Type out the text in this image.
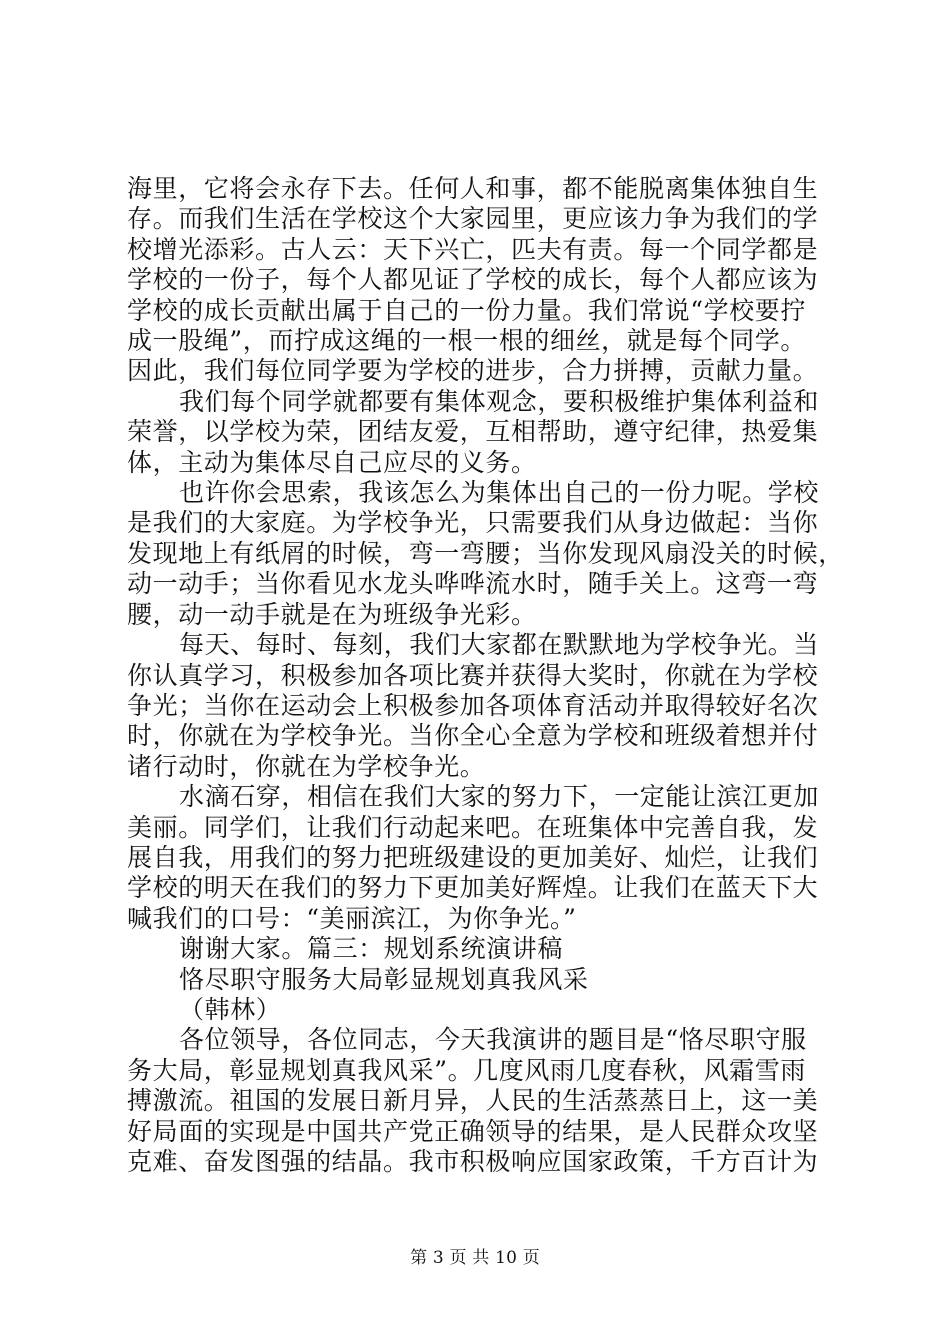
海里，它将会永存下去。任何人和事，都不能脱离集体独自生
存。而我们生活在学校这个大家园里，更应该力争为我们的学
校增光添彩。古人云：天下兴亡，匹夫有责。每一个同学都是
学校的一份子，每个人都见证了学校的成长，每个人都应该为
学校的成长贡献出属于自己的一份力量。我们常说“学校要拧
成一股绳”，而拧成这绳的一根一根的细丝，就是每个同学。
因此，我们每位同学要为学校的进步，合力拼搏，贡献力量。
我们每个同学就都要有集体观念，要积极维护集体利益和
荣誉，以学校为荣，团结友爱，互相帮助，遵守纪律，热爱集
体，主动为集体尽自己应尽的义务。
也许你会思索，我该怎么为集体出自己的一份力呢。学校
是我们的大家庭。为学校争光，只需要我们从身边做起：当你
发现地上有纸屑的时候，弯一弯腰；当你发现风扇没关的时候，
动一动手；当你看见水龙头哗哗流水时，随手关上。这弯一弯
腰，动一动手就是在为班级争光彩。
每天、每时、每刻，我们大家都在默默地为学校争光。当
你认真学习，积极参加各项比赛并获得大奖时，你就在为学校
争光；当你在运动会上积极参加各项体育活动并取得较好名次
时，你就在为学校争光。当你全心全意为学校和班级着想并付
诸行动时，你就在为学校争光。
水滴石穿，相信在我们大家的努力下，一定能让滨江更加
美丽。同学们，让我们行动起来吧。在班集体中完善自我，发
展自我，用我们的努力把班级建设的更加美好、灿烂，让我们
学校的明天在我们的努力下更加美好辉煌。让我们在蓝天下大
喊我们的口号：“美丽滨江，为你争光。”
谢谢大家。篇三：规划系统演讲稿
恪尽职守服务大局彰显规划真我风采
（韩林）
各位领导，各位同志，今天我演讲的题目是“恪尽职守服
务大局，彰显规划真我风采”。几度风雨几度春秋，风霜雪雨
搏激流。祖国的发展日新月异，人民的生活蒸蒸日上，这一美
好局面的实现是中国共产党正确领导的结果，是人民群众攻坚
克难、奋发图强的结晶。我市积极响应国家政策，千方百计为
第 3 页 共 10 页
